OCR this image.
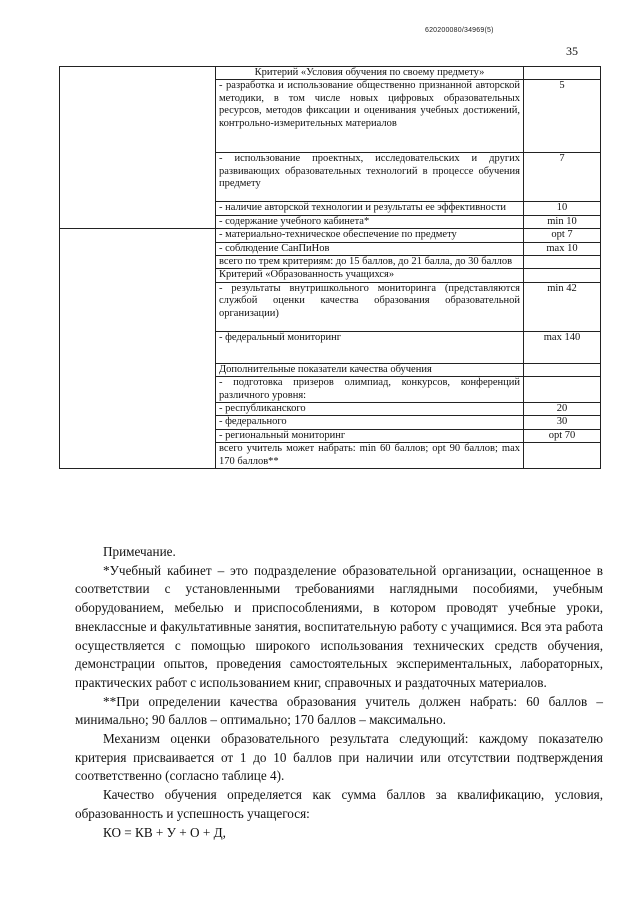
620200080/34969(5)
35
	Критерий «Условия обучения по своему предмету»	
	- разработка и использование общественно признанной авторской методики, в том числе новых цифровых образовательных ресурсов, методов фиксации и оценивания учебных достижений, контрольно-измерительных материалов	5
	- использование проектных, исследовательских и других развивающих образовательных технологий в процессе обучения предмету	7
	- наличие авторской технологии и результаты ее эффективности	10
	- содержание учебного кабинета*	min 10
	- материально-техническое обеспечение по предмету	opt 7
	- соблюдение СанПиНов	max 10
	всего по трем критериям: до 15 баллов, до 21 балла, до 30 баллов	
	Критерий «Образованность учащихся»	
	- результаты внутришкольного мониторинга (представляются службой оценки качества образования образовательной организации)	min 42
	- федеральный мониторинг	max 140
	Дополнительные показатели качества обучения	
	- подготовка призеров олимпиад, конкурсов, конференций различного уровня:	
	- республиканского	20
	- федерального	30
	- региональный мониторинг	opt 70
	всего учитель может набрать: min 60 баллов; opt 90 баллов; max 170 баллов**	

Примечание.

*Учебный кабинет – это подразделение образовательной организации, оснащенное в соответствии с установленными требованиями наглядными пособиями, учебным оборудованием, мебелью и приспособлениями, в котором проводят учебные уроки, внеклассные и факультативные занятия, воспитательную работу с учащимися. Вся эта работа осуществляется с помощью широкого использования технических средств обучения, демонстрации опытов, проведения самостоятельных экспериментальных, лабораторных, практических работ с использованием книг, справочных и раздаточных материалов.

**При определении качества образования учитель должен набрать: 60 баллов – минимально; 90 баллов – оптимально; 170 баллов – максимально.

Механизм оценки образовательного результата следующий: каждому показателю критерия присваивается от 1 до 10 баллов при наличии или отсутствии подтверждения соответственно (согласно таблице 4).

Качество обучения определяется как сумма баллов за квалификацию, условия, образованность и успешность учащегося:

КО = КВ + У + О + Д,
